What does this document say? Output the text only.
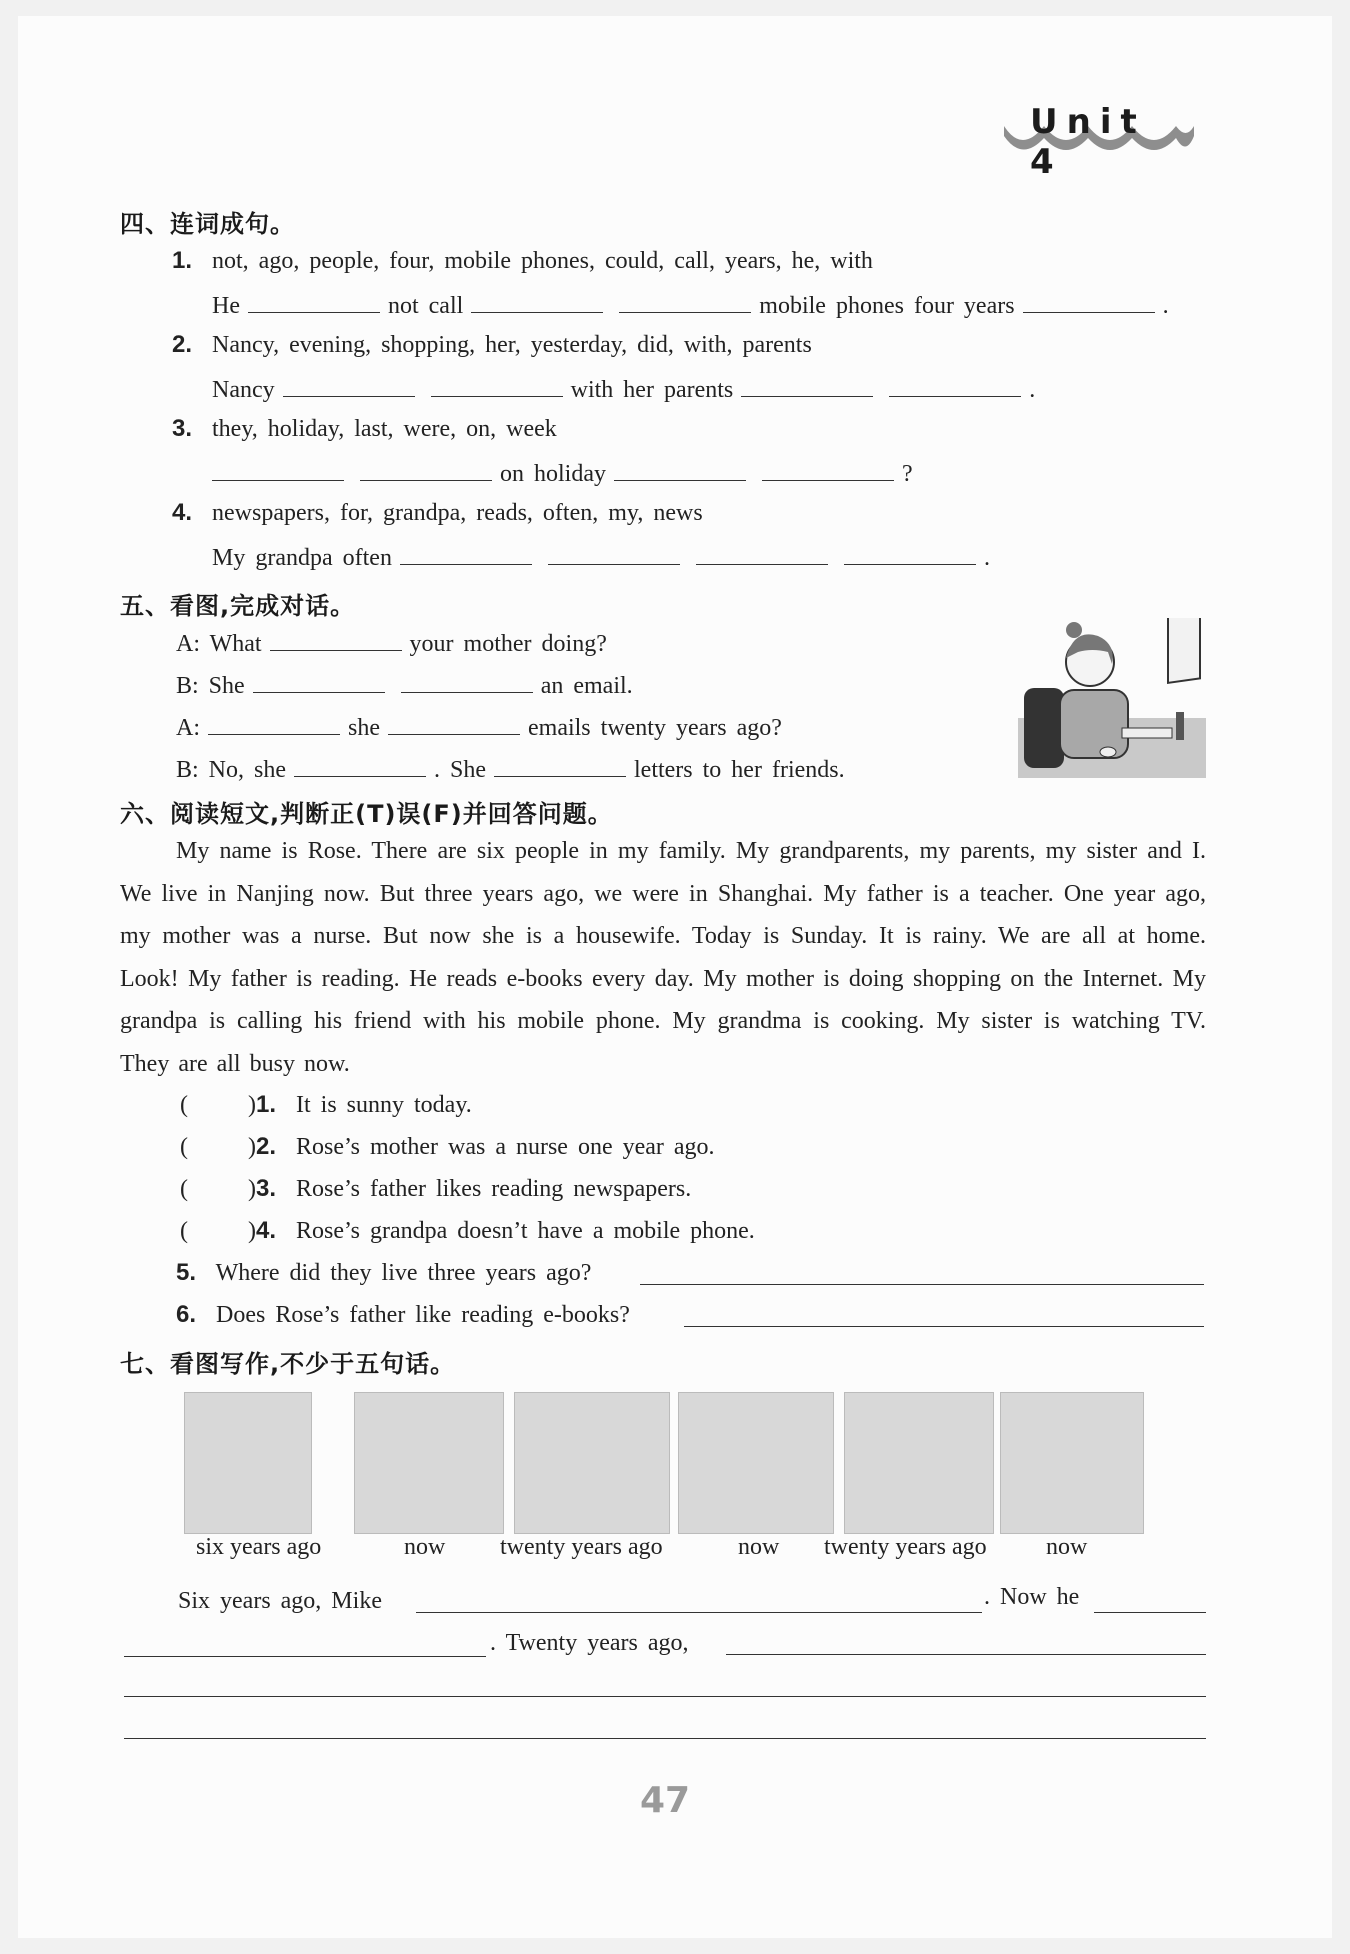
Unit 4
四、连词成句。
1. not, ago, people, four, mobile phones, could, call, years, he, with
He	not call	mobile phones four years	.
2. Nancy, evening, shopping, her, yesterday, did, with, parents
Nancy	with her parents	.
3. they, holiday, last, were, on, week
on holiday	?
4. newspapers, for, grandpa, reads, often, my, news
My grandpa often	.
五、看图,完成对话。
A: What	your mother doing?
B: She	an email.
A:	she	emails twenty years ago?
B: No, she	. She	letters to her friends.
六、阅读短文,判断正(T)误(F)并回答问题。
My name is Rose. There are six people in my family. My grandparents, my parents, my sister and I. We live in Nanjing now. But three years ago, we were in Shanghai. My father is a teacher. One year ago, my mother was a nurse. But now she is a housewife. Today is Sunday. It is rainy. We are all at home. Look! My father is reading. He reads e-books every day. My mother is doing shopping on the Internet. My grandpa is calling his friend with his mobile phone. My grandma is cooking. My sister is watching TV. They are all busy now.
(      )1. It is sunny today.
(      )2. Rose’s mother was a nurse one year ago.
(      )3. Rose’s father likes reading newspapers.
(      )4. Rose’s grandpa doesn’t have a mobile phone.
5. Where did they live three years ago?
6. Does Rose’s father like reading e-books?
七、看图写作,不少于五句话。
six years ago	now twenty years ago	now twenty years ago now
Six years ago, Mike	. Now he
. Twenty years ago,
47
